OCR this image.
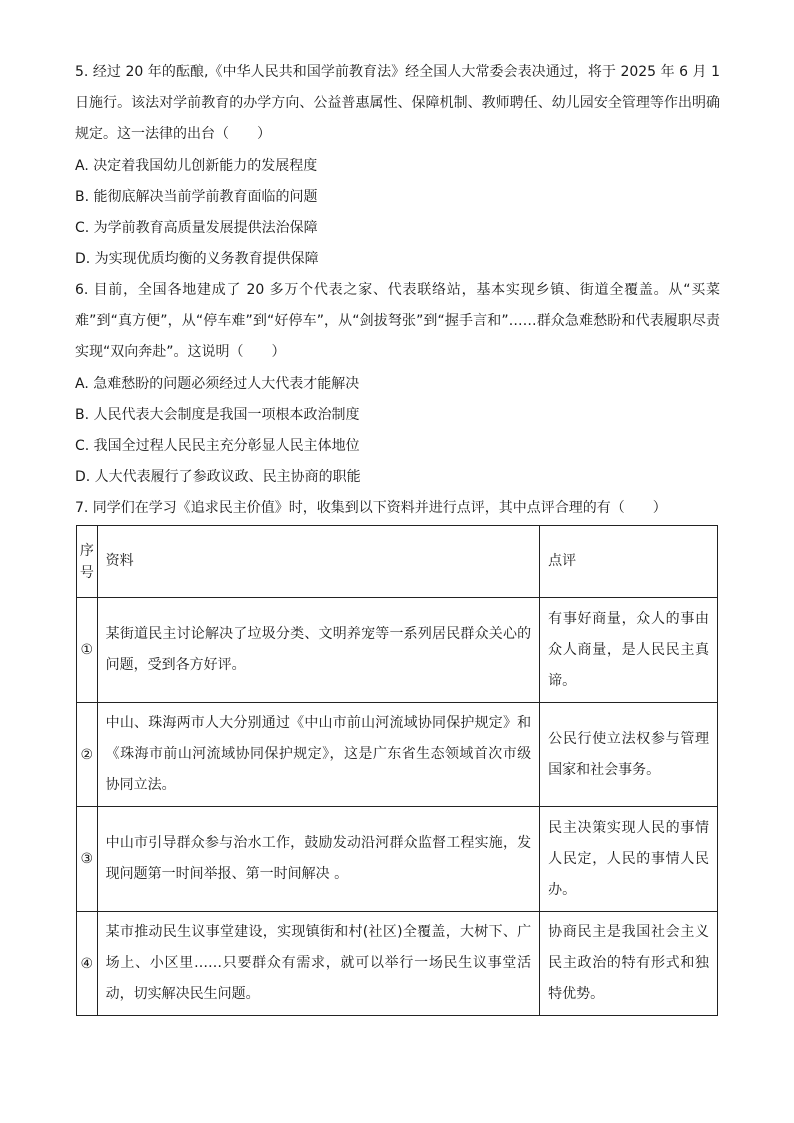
5. 经过 20 年的酝酿,《中华人民共和国学前教育法》经全国人大常委会表决通过，将于 2025 年 6 月 1 日施行。该法对学前教育的办学方向、公益普惠属性、保障机制、教师聘任、幼儿园安全管理等作出明确规定。这一法律的出台（　　）
A. 决定着我国幼儿创新能力的发展程度
B. 能彻底解决当前学前教育面临的问题
C. 为学前教育高质量发展提供法治保障
D. 为实现优质均衡的义务教育提供保障
6. 目前，全国各地建成了 20 多万个代表之家、代表联络站，基本实现乡镇、街道全覆盖。从“买菜难”到“真方便”，从“停车难”到“好停车”，从“剑拔弩张”到“握手言和”……群众急难愁盼和代表履职尽责实现“双向奔赴”。这说明（　　）
A. 急难愁盼的问题必须经过人大代表才能解决
B. 人民代表大会制度是我国一项根本政治制度
C. 我国全过程人民民主充分彰显人民主体地位
D. 人大代表履行了参政议政、民主协商的职能
7. 同学们在学习《追求民主价值》时，收集到以下资料并进行点评，其中点评合理的有（　　）
序号	资料	点评

①	某街道民主讨论解决了垃圾分类、文明养宠等一系列居民群众关心的问题，受到各方好评。	有事好商量，众人的事由众人商量，是人民民主真谛。

②	中山、珠海两市人大分别通过《中山市前山河流域协同保护规定》和《珠海市前山河流域协同保护规定》，这是广东省生态领域首次市级协同立法。	公民行使立法权参与管理国家和社会事务。

③	中山市引导群众参与治水工作，鼓励发动沿河群众监督工程实施，发现问题第一时间举报、第一时间解决 。	民主决策实现人民的事情人民定，人民的事情人民办。

④	某市推动民生议事堂建设，实现镇街和村(社区)全覆盖，大树下、广场上、小区里……只要群众有需求，就可以举行一场民生议事堂活动，切实解决民生问题。	协商民主是我国社会主义民主政治的特有形式和独特优势。
